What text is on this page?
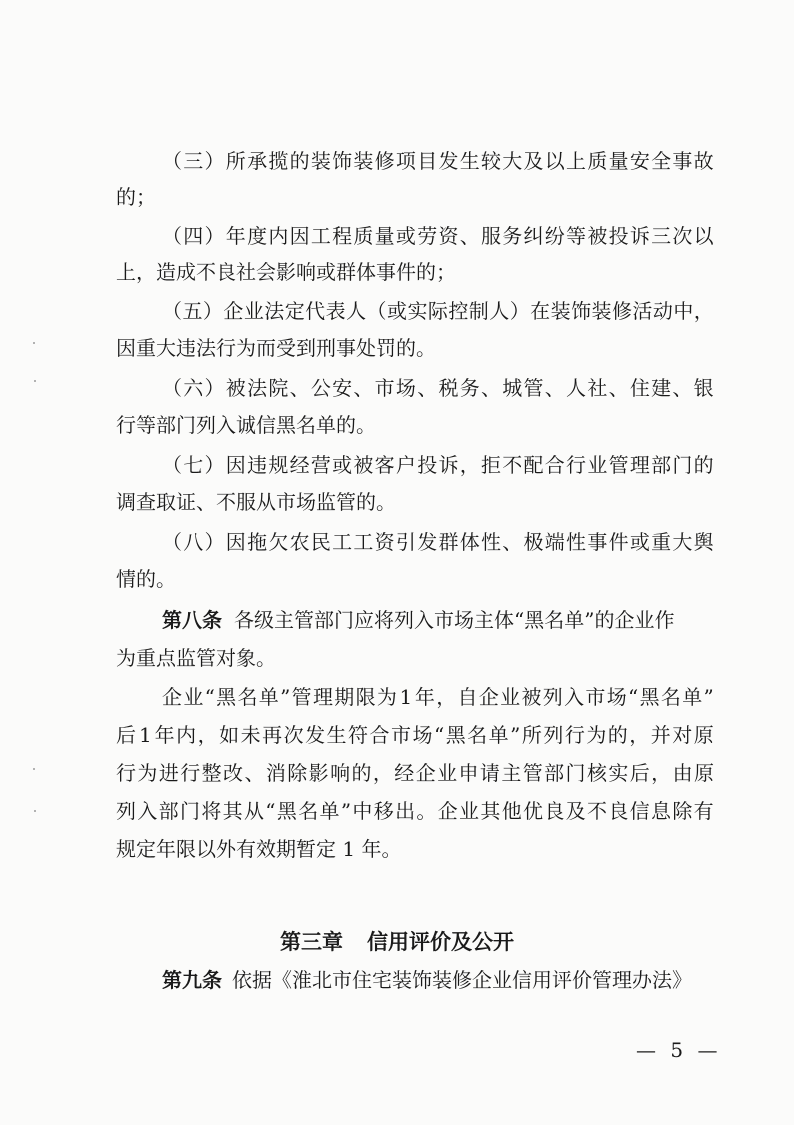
（ 三 ） 所 承 揽 的 装 饰 装 修 项 目 发 生 较 大 及 以 上 质 量 安 全 事 故
的；
（ 四 ） 年 度 内 因 工 程 质 量 或 劳 资 、 服 务 纠 纷 等 被 投 诉 三 次 以
上，造成不良社会影响或群体事件的；
（ 五 ） 企 业 法 定 代 表 人 （ 或 实 际 控 制 人 ） 在 装 饰 装 修 活 动 中 ，
因重大违法行为而受到刑事处罚的。
（ 六 ） 被 法 院 、 公 安 、 市 场 、 税 务 、 城 管 、 人 社 、 住 建 、 银
行等部门列入诚信黑名单的。
（ 七 ） 因 违 规 经 营 或 被 客 户 投 诉 ， 拒 不 配 合 行 业 管 理 部 门 的
调查取证、不服从市场监管的。
（ 八 ） 因 拖 欠 农 民 工 工 资 引 发 群 体 性 、 极 端 性 事 件 或 重 大 舆
情的。
第八条 各级主管部门应将列入市场主体“黑名单”的企业作
为重点监管对象。
企 业 “ 黑 名 单 ” 管 理 期 限 为 1 年 ， 自 企 业 被 列 入 市 场 “ 黑 名 单 ”
后 1 年 内 ， 如 未 再 次 发 生 符 合 市 场 “ 黑 名 单 ” 所 列 行 为 的 ， 并 对 原
行 为 进 行 整 改 、 消 除 影 响 的 ， 经 企 业 申 请 主 管 部 门 核 实 后 ， 由 原
列 入 部 门 将 其 从 “ 黑 名 单 ” 中 移 出 。 企 业 其 他 优 良 及 不 良 信 息 除 有
规定年限以外有效期暂定 1 年。
第三章 信用评价及公开
第九条 依据《淮北市住宅装饰装修企业信用评价管理办法》
— 5 —
